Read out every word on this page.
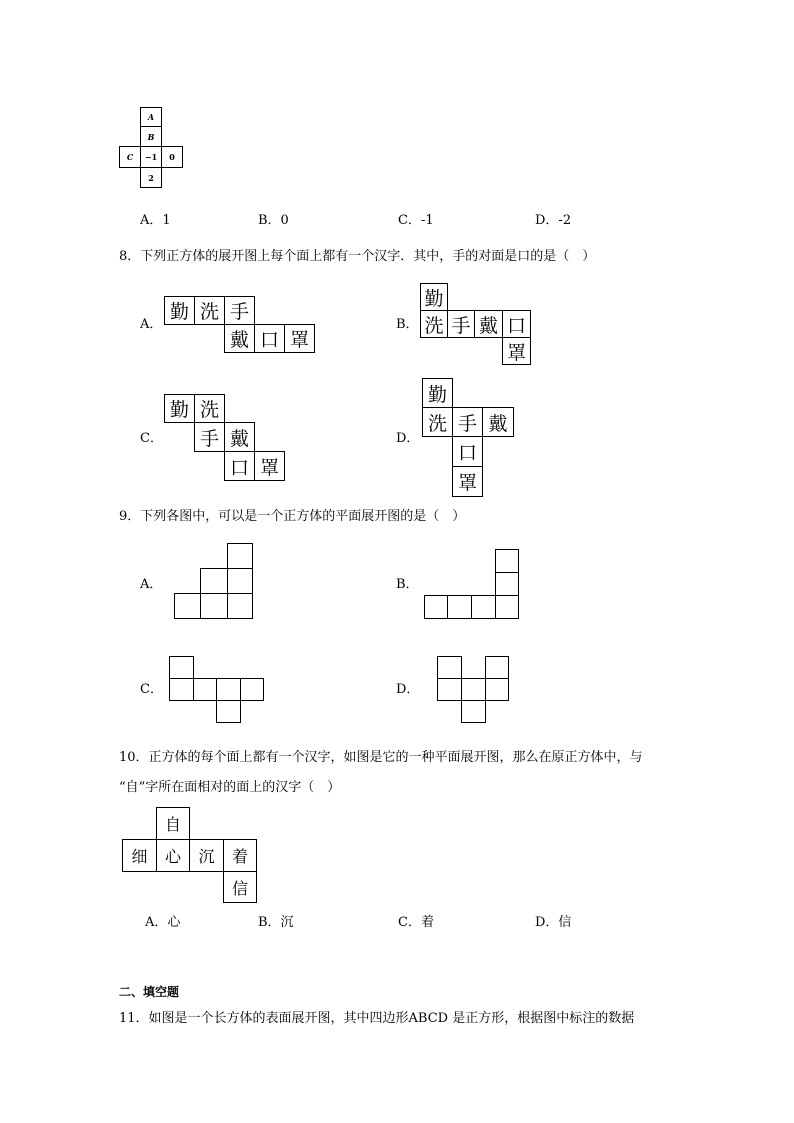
A
B
C	−1	0
2
A．1	B．0	C．-1	D．-2
8．下列正方体的展开图上每个面上都有一个汉字．其中，手的对面是口的是（　）
A．
勤 洗 手
戴 口 罩
B．
勤
洗 手 戴 口
罩
C．
勤 洗
手 戴
口 罩
D．
勤
洗 手 戴
口
罩
9．下列各图中，可以是一个正方体的平面展开图的是（　）
A．	B．
C．	D．
10．正方体的每个面上都有一个汉字，如图是它的一种平面展开图，那么在原正方体中，与
“自”字所在面相对的面上的汉字（　）
自
细	心	沉	着
信
A．心	B．沉	C．着	D．信
二、填空题
11．如图是一个长方体的表面展开图，其中四边形ABCD 是正方形，根据图中标注的数据
